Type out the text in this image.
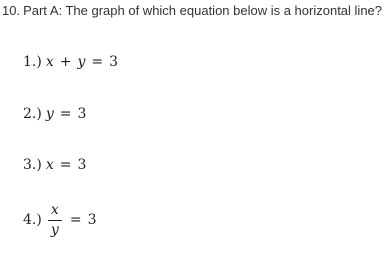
10. Part A: The graph of which equation below is a horizontal line?
1.) x + y = 3
2.) y = 3
3.) x = 3
$4.) \frac{x}{y} = 3$
